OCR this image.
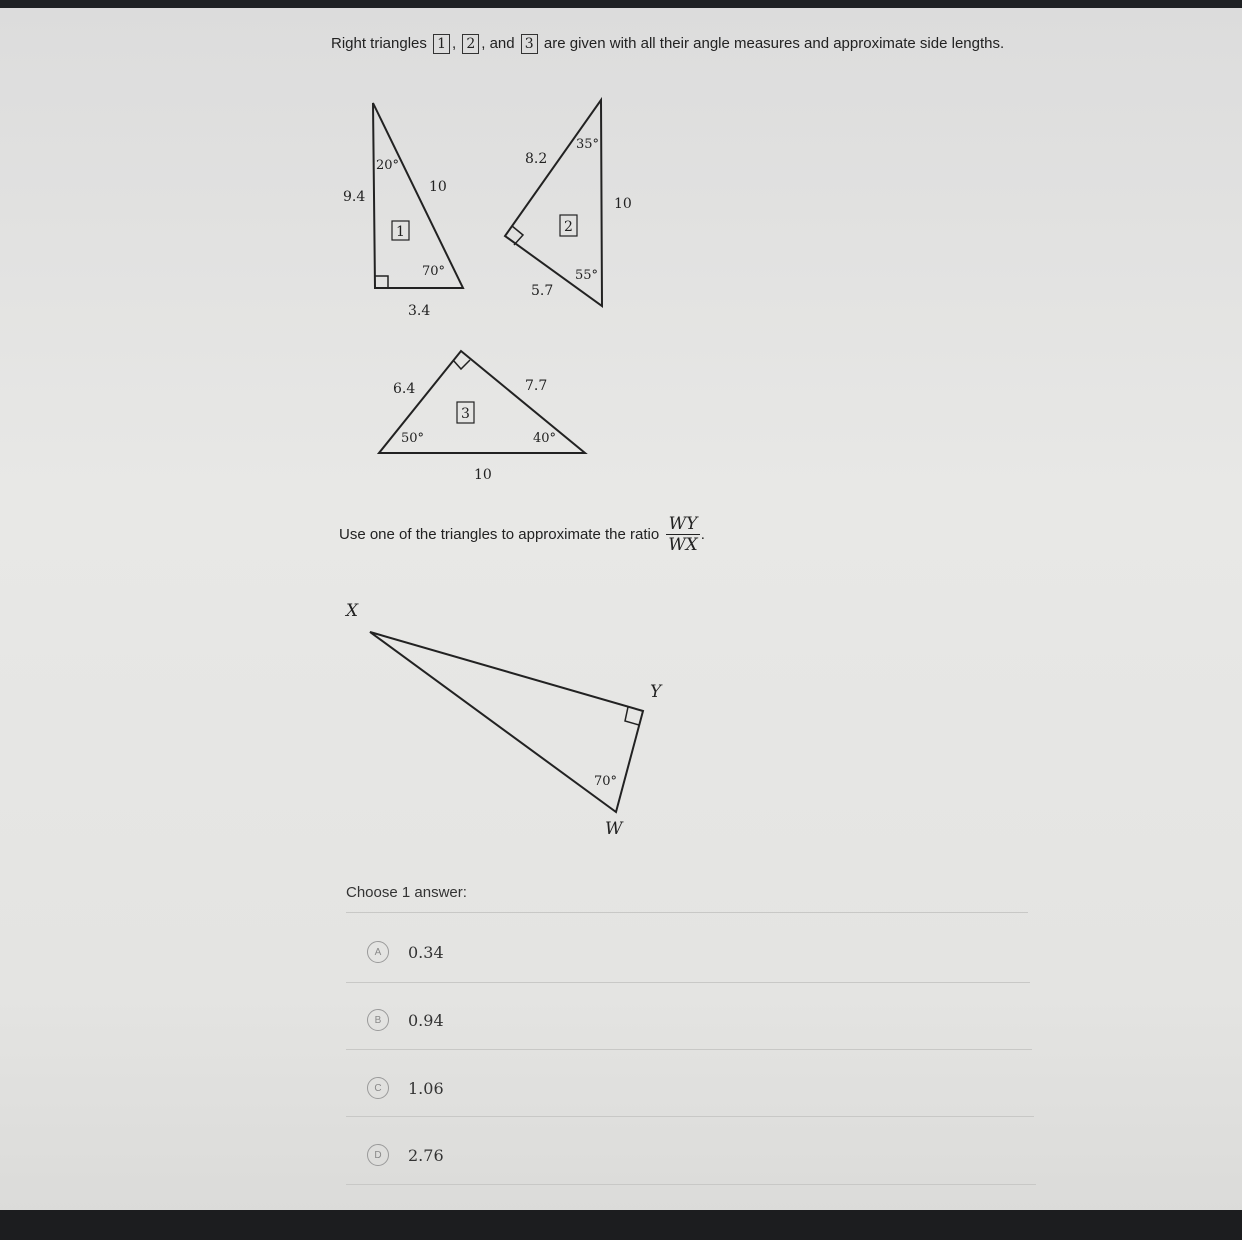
Right triangles 1 , 2 , and 3 are given with all their angle measures and approximate side lengths.
20°
70°
9.4
10
3.4
1
35°
55°
8.2
10
5.7
2
50°	40°
6.4	7.7
10
3
X
Y
W
70°
Use one of the triangles to approximate the ratio $\frac{WY}{WX}$ .
Choose 1 answer:
A	0.34
B	0.94
C	1.06
D	2.76
